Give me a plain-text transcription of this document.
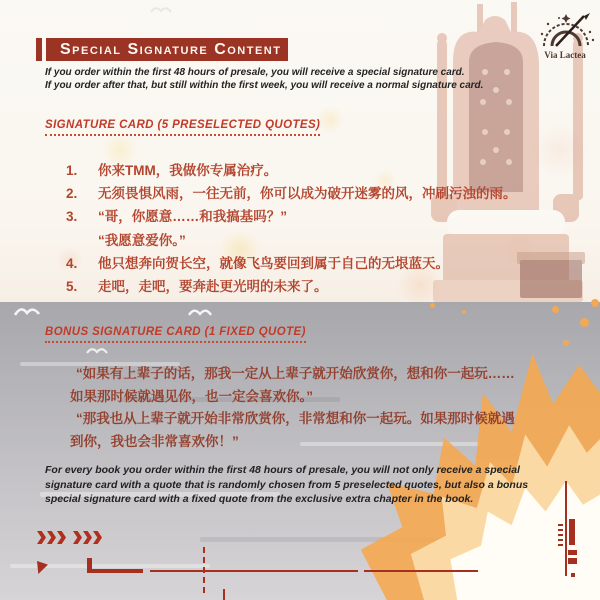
Via Lactea
Special Signature Content
If you order within the first 48 hours of presale, you will receive a special signature card.
If you order after that, but still within the first week, you will receive a normal signature card.
SIGNATURE CARD (5 PRESELECTED QUOTES)
1.	你来TMM，我做你专属治疗。
2.	无须畏惧风雨，一往无前，你可以成为破开迷雾的风，冲刷污浊的雨。
3.	“哥，你愿意……和我搞基吗？”
“我愿意爱你。”
4.	他只想奔向贺长空，就像飞鸟要回到属于自己的无垠蓝天。
5.	走吧，走吧，要奔赴更光明的未来了。
BONUS SIGNATURE CARD (1 FIXED QUOTE)
“如果有上辈子的话，那我一定从上辈子就开始欣赏你，想和你一起玩……
如果那时候就遇见你，也一定会喜欢你。”
“那我也从上辈子就开始非常欣赏你，非常想和你一起玩。如果那时候就遇
到你，我也会非常喜欢你！”
For every book you order within the first 48 hours of presale, you will not only receive a special signature card with a quote that is randomly chosen from 5 preselected quotes, but also a bonus special signature card with a fixed quote from the exclusive extra chapter in the book.
